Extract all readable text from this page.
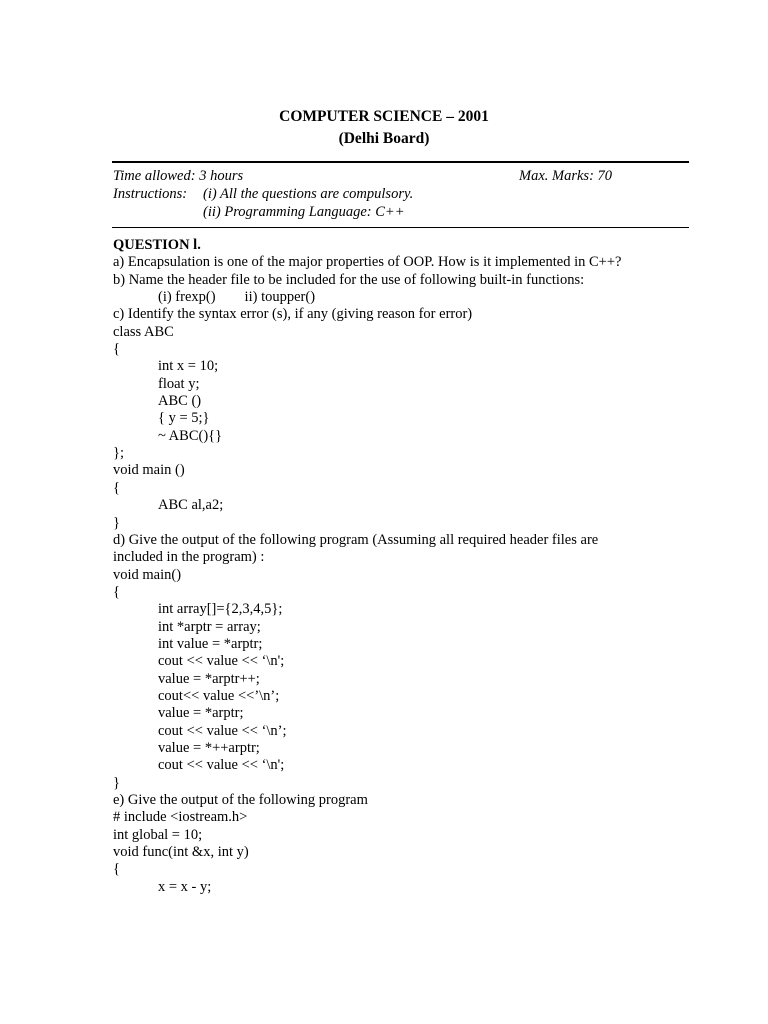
COMPUTER SCIENCE – 2001
(Delhi Board)
Time allowed: 3 hours	Max. Marks: 70
Instructions: (i) All the questions are compulsory.
(ii) Programming Language: C++
QUESTION l.
a) Encapsulation is one of the major properties of OOP. How is it implemented in C++?
b) Name the header file to be included for the use of following built-in functions:
(i) frexp()        ii) toupper()
c) Identify the syntax error (s), if any (giving reason for error)
class ABC
{
int x = 10;
float y;
ABC ()
{ y = 5;}
~ ABC(){}
};
void main ()
{
ABC al,a2;
}
d) Give the output of the following program (Assuming all required header files are
included in the program) :
void main()
{
int array[]={2,3,4,5};
int *arptr = array;
int value = *arptr;
cout << value << ‘\n';
value = *arptr++;
cout<< value <<’\n’;
value = *arptr;
cout << value << ‘\n’;
value = *++arptr;
cout << value << ‘\n';
}
e) Give the output of the following program
# include <iostream.h>
int global = 10;
void func(int &x, int y)
{
x = x - y;
